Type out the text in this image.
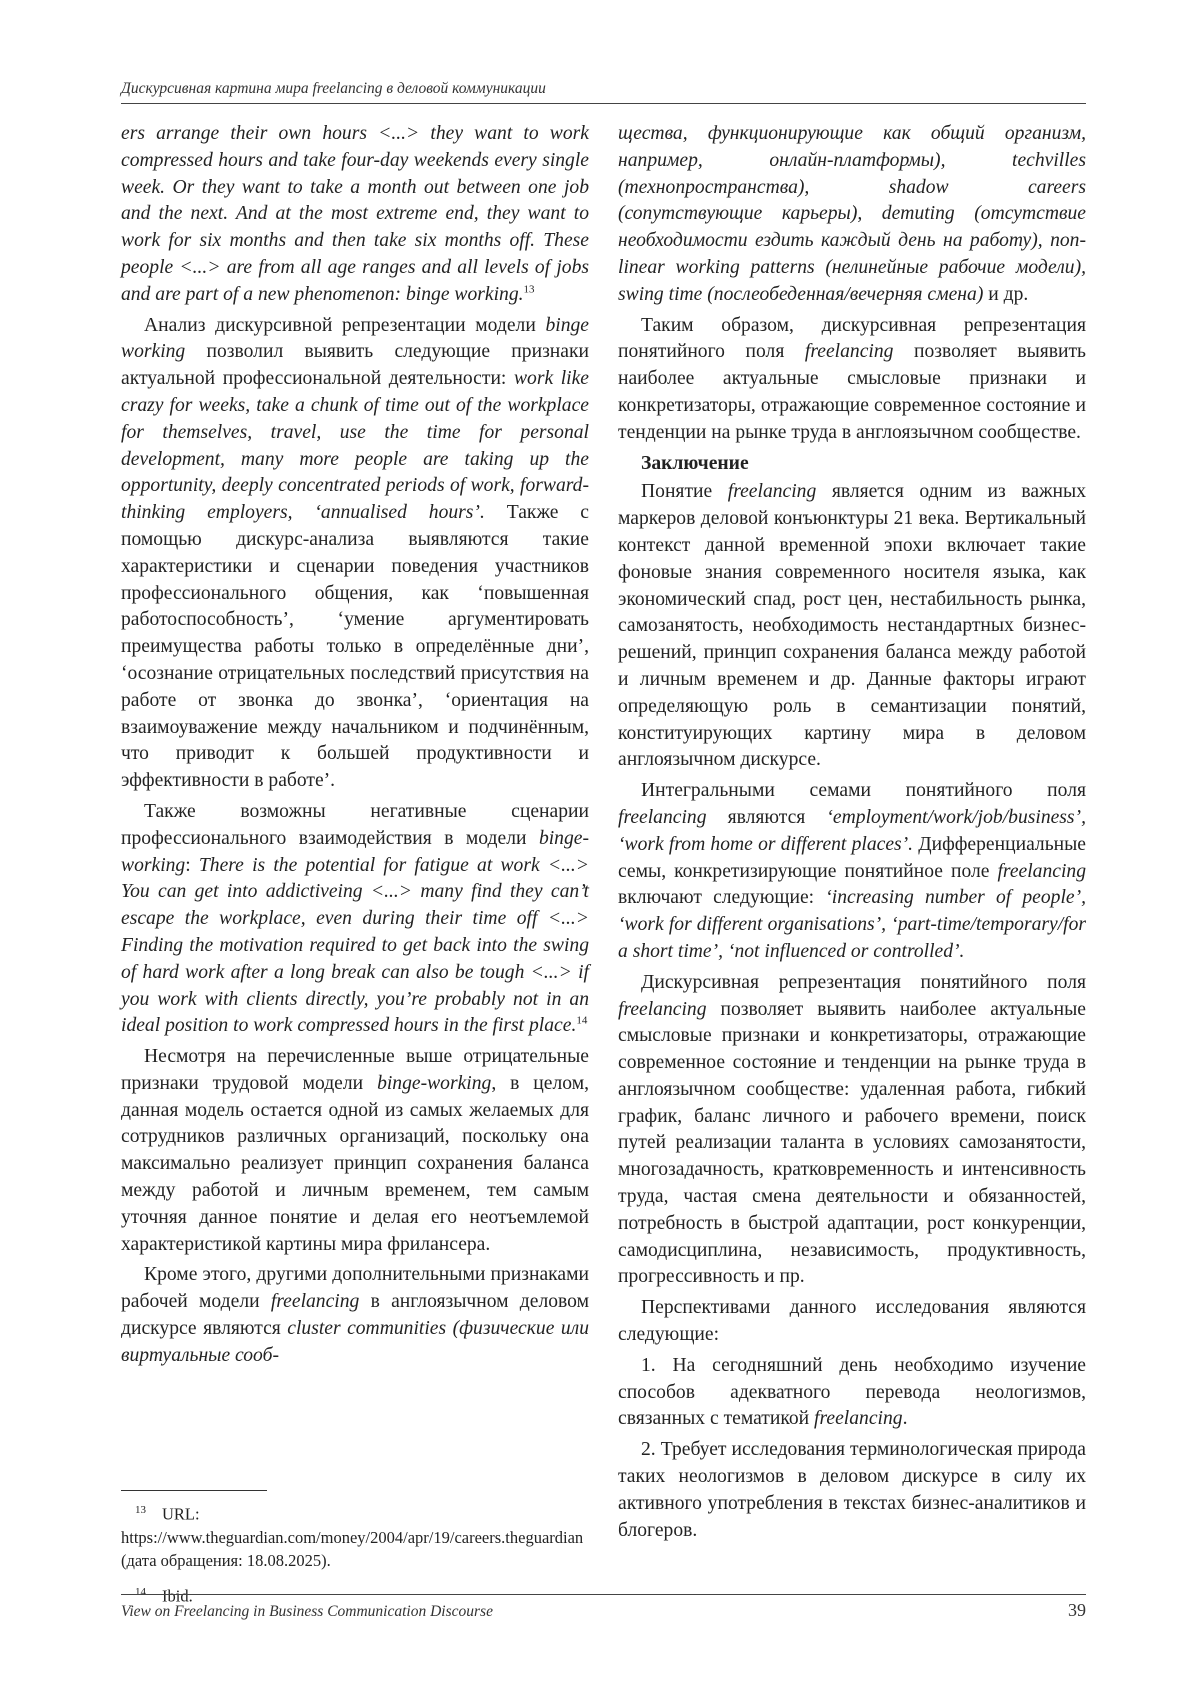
Дискурсивная картина мира freelancing в деловой коммуникации

ers arrange their own hours <...> they want to work compressed hours and take four-day weekends every single week. Or they want to take a month out between one job and the next. And at the most extreme end, they want to work for six months and then take six months off. These people <...> are from all age ranges and all levels of jobs and are part of a new phenomenon: binge working.$^{13}$

Анализ дискурсивной репрезентации модели binge working позволил выявить следующие признаки актуальной профессиональной деятельности: work like crazy for weeks, take a chunk of time out of the workplace for themselves, travel, use the time for personal development, many more people are taking up the opportunity, deeply concentrated periods of work, forward-thinking employers, ‘annualised hours’. Также с помощью дискурс-анализа выявляются такие характеристики и сценарии поведения участников профессионального общения, как ‘повышенная работоспособность’, ‘умение аргументировать преимущества работы только в определённые дни’, ‘осознание отрицательных последствий присутствия на работе от звонка до звонка’, ‘ориентация на взаимоуважение между начальником и подчинённым, что приводит к большей продуктивности и эффективности в работе’.

Также возможны негативные сценарии профессионального взаимодействия в модели binge-working: There is the potential for fatigue at work <...> You can get into addictiveing <...> many find they can’t escape the workplace, even during their time off <...> Finding the motivation required to get back into the swing of hard work after a long break can also be tough <...> if you work with clients directly, you’re probably not in an ideal position to work compressed hours in the first place.$^{14}$

Несмотря на перечисленные выше отрицательные признаки трудовой модели binge-working, в целом, данная модель остается одной из самых желаемых для сотрудников различных организаций, поскольку она максимально реализует принцип сохранения баланса между работой и личным временем, тем самым уточняя данное понятие и делая его неотъемлемой характеристикой картины мира фрилансера.

Кроме этого, другими дополнительными признаками рабочей модели freelancing в англоязычном деловом дискурсе являются cluster communities (физические или виртуальные сооб-

щества, функционирующие как общий организм, например, онлайн-платформы), techvilles (технопространства), shadow careers (сопутствующие карьеры), demuting (отсутствие необходимости ездить каждый день на работу), non-linear working patterns (нелинейные рабочие модели), swing time (послеобеденная/вечерняя смена) и др.

Таким образом, дискурсивная репрезентация понятийного поля freelancing позволяет выявить наиболее актуальные смысловые признаки и конкретизаторы, отражающие современное состояние и тенденции на рынке труда в англоязычном сообществе.

Заключение

Понятие freelancing является одним из важных маркеров деловой конъюнктуры 21 века. Вертикальный контекст данной временной эпохи включает такие фоновые знания современного носителя языка, как экономический спад, рост цен, нестабильность рынка, самозанятость, необходимость нестандартных бизнес-решений, принцип сохранения баланса между работой и личным временем и др. Данные факторы играют определяющую роль в семантизации понятий, конституирующих картину мира в деловом англоязычном дискурсе.

Интегральными семами понятийного поля freelancing являются ‘employment/work/job/business’, ‘work from home or different places’. Дифференциальные семы, конкретизирующие понятийное поле freelancing включают следующие: ‘increasing number of people’, ‘work for different organisations’, ‘part-time/temporary/for a short time’, ‘not influenced or controlled’.

Дискурсивная репрезентация понятийного поля freelancing позволяет выявить наиболее актуальные смысловые признаки и конкретизаторы, отражающие современное состояние и тенденции на рынке труда в англоязычном сообществе: удаленная работа, гибкий график, баланс личного и рабочего времени, поиск путей реализации таланта в условиях самозанятости, многозадачность, кратковременность и интенсивность труда, частая смена деятельности и обязанностей, потребность в быстрой адаптации, рост конкуренции, самодисциплина, независимость, продуктивность, прогрессивность и пр.

Перспективами данного исследования являются следующие:

1. На сегодняшний день необходимо изучение способов адекватного перевода неологизмов, связанных с тематикой freelancing.

2. Требует исследования терминологическая природа таких неологизмов в деловом дискурсе в силу их активного употребления в текстах бизнес-аналитиков и блогеров.

$^{13}$ URL: https://www.theguardian.com/money/2004/apr/19/careers.theguardian (дата обращения: 18.08.2025).
$^{14}$ Ibid.
View on Freelancing in Business Communication Discourse	39
